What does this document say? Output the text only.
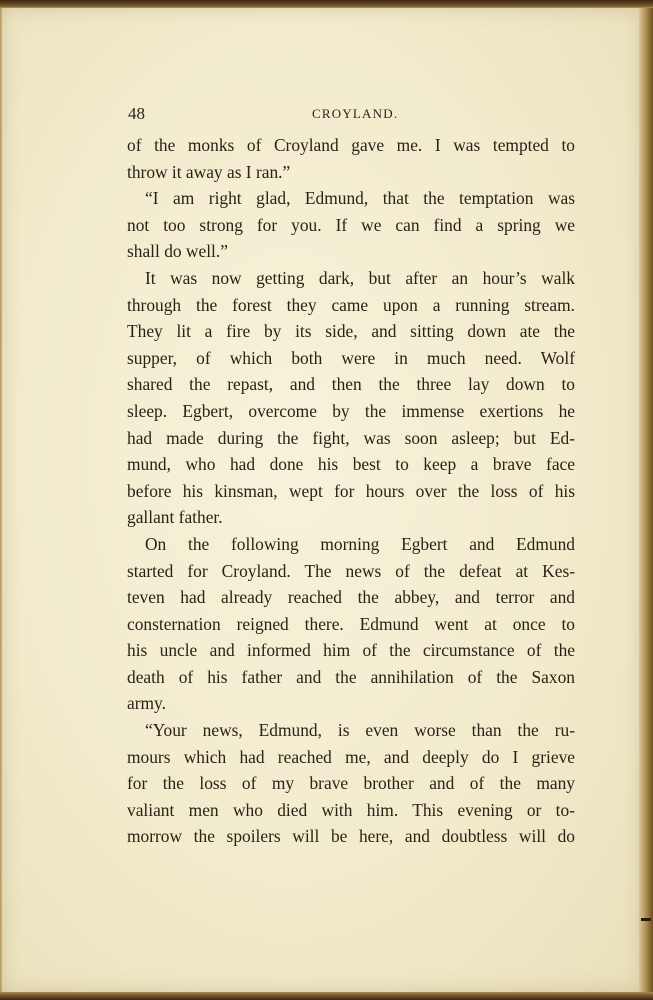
48	CROYLAND.
of the monks of Croyland gave me. I was tempted to
throw it away as I ran.”
“I am right glad, Edmund, that the temptation was
not too strong for you. If we can find a spring we
shall do well.”
It was now getting dark, but after an hour’s walk
through the forest they came upon a running stream.
They lit a fire by its side, and sitting down ate the
supper, of which both were in much need. Wolf
shared the repast, and then the three lay down to
sleep. Egbert, overcome by the immense exertions he
had made during the fight, was soon asleep; but Ed-
mund, who had done his best to keep a brave face
before his kinsman, wept for hours over the loss of his
gallant father.
On the following morning Egbert and Edmund
started for Croyland. The news of the defeat at Kes-
teven had already reached the abbey, and terror and
consternation reigned there. Edmund went at once to
his uncle and informed him of the circumstance of the
death of his father and the annihilation of the Saxon
army.
“Your news, Edmund, is even worse than the ru-
mours which had reached me, and deeply do I grieve
for the loss of my brave brother and of the many
valiant men who died with him. This evening or to-
morrow the spoilers will be here, and doubtless will do
